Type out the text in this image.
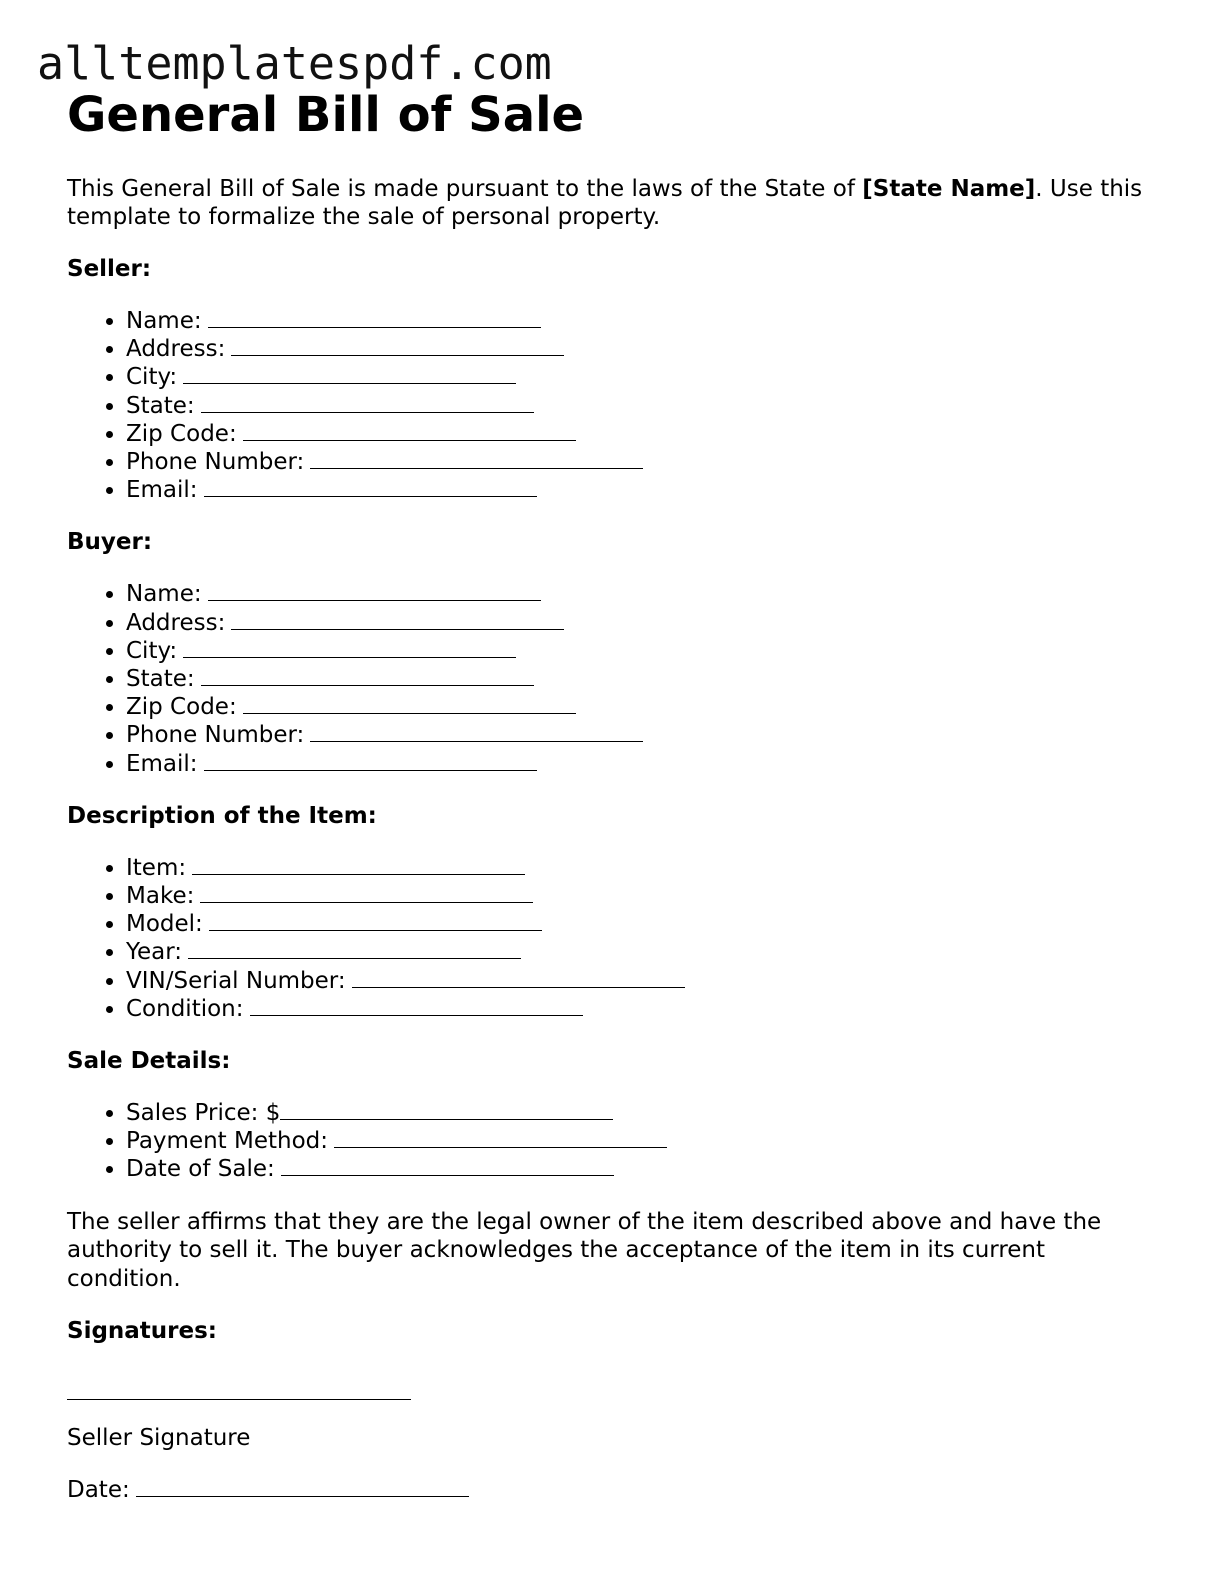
alltemplatespdf.com
General Bill of Sale

This General Bill of Sale is made pursuant to the laws of the State of [State Name]. Use this template to formalize the sale of personal property.

Seller:
• Name:
• Address:
• City:
• State:
• Zip Code:
• Phone Number:
• Email:
Buyer:
• Name:
• Address:
• City:
• State:
• Zip Code:
• Phone Number:
• Email:
Description of the Item:
• Item:
• Make:
• Model:
• Year:
• VIN/Serial Number:
• Condition:
Sale Details:
• Sales Price: $
• Payment Method:
• Date of Sale:

The seller affirms that they are the legal owner of the item described above and have the authority to sell it. The buyer acknowledges the acceptance of the item in its current condition.

Signatures:
Seller Signature
Date:
